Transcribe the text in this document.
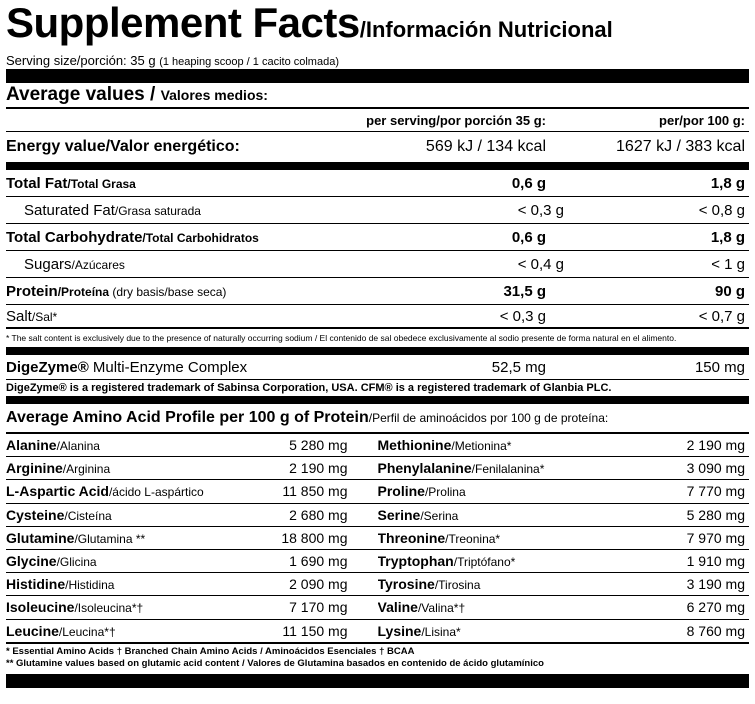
Supplement Facts/Información Nutricional
Serving size/porción: 35 g (1 heaping scoop / 1 cacito colmada)
Average values / Valores medios:
per serving/por porción 35 g:	per/por 100 g:
Energy value/Valor energético:	569 kJ / 134 kcal	1627 kJ / 383 kcal
Total Fat/Total Grasa	0,6 g	1,8 g
Saturated Fat/Grasa saturada	< 0,3 g	< 0,8 g
Total Carbohydrate/Total Carbohidratos	0,6 g	1,8 g
Sugars/Azúcares	< 0,4 g	< 1 g
Protein/Proteína (dry basis/base seca)	31,5 g	90 g
Salt/Sal*	< 0,3 g	< 0,7 g
* The salt content is exclusively due to the presence of naturally occurring sodium / El contenido de sal obedece exclusivamente al sodio presente de forma natural en el alimento.
DigeZyme® Multi-Enzyme Complex	52,5 mg	150 mg
DigeZyme® is a registered trademark of Sabinsa Corporation, USA. CFM® is a registered trademark of Glanbia PLC.
Average Amino Acid Profile per 100 g of Protein/Perfil de aminoácidos por 100 g de proteína:
Alanine/Alanina	5 280 mg	Methionine/Metionina*	2 190 mg
Arginine/Arginina	2 190 mg	Phenylalanine/Fenilalanina*	3 090 mg
L-Aspartic Acid/ácido L-aspártico	11 850 mg	Proline/Prolina	7 770 mg
Cysteine/Cisteína	2 680 mg	Serine/Serina	5 280 mg
Glutamine/Glutamina **	18 800 mg	Threonine/Treonina*	7 970 mg
Glycine/Glicina	1 690 mg	Tryptophan/Triptófano*	1 910 mg
Histidine/Histidina	2 090 mg	Tyrosine/Tirosina	3 190 mg
Isoleucine/Isoleucina*†	7 170 mg	Valine/Valina*†	6 270 mg
Leucine/Leucina*†	11 150 mg	Lysine/Lisina*	8 760 mg
* Essential Amino Acids † Branched Chain Amino Acids / Aminoácidos Esenciales † BCAA
** Glutamine values based on glutamic acid content / Valores de Glutamina basados en contenido de ácido glutamínico
